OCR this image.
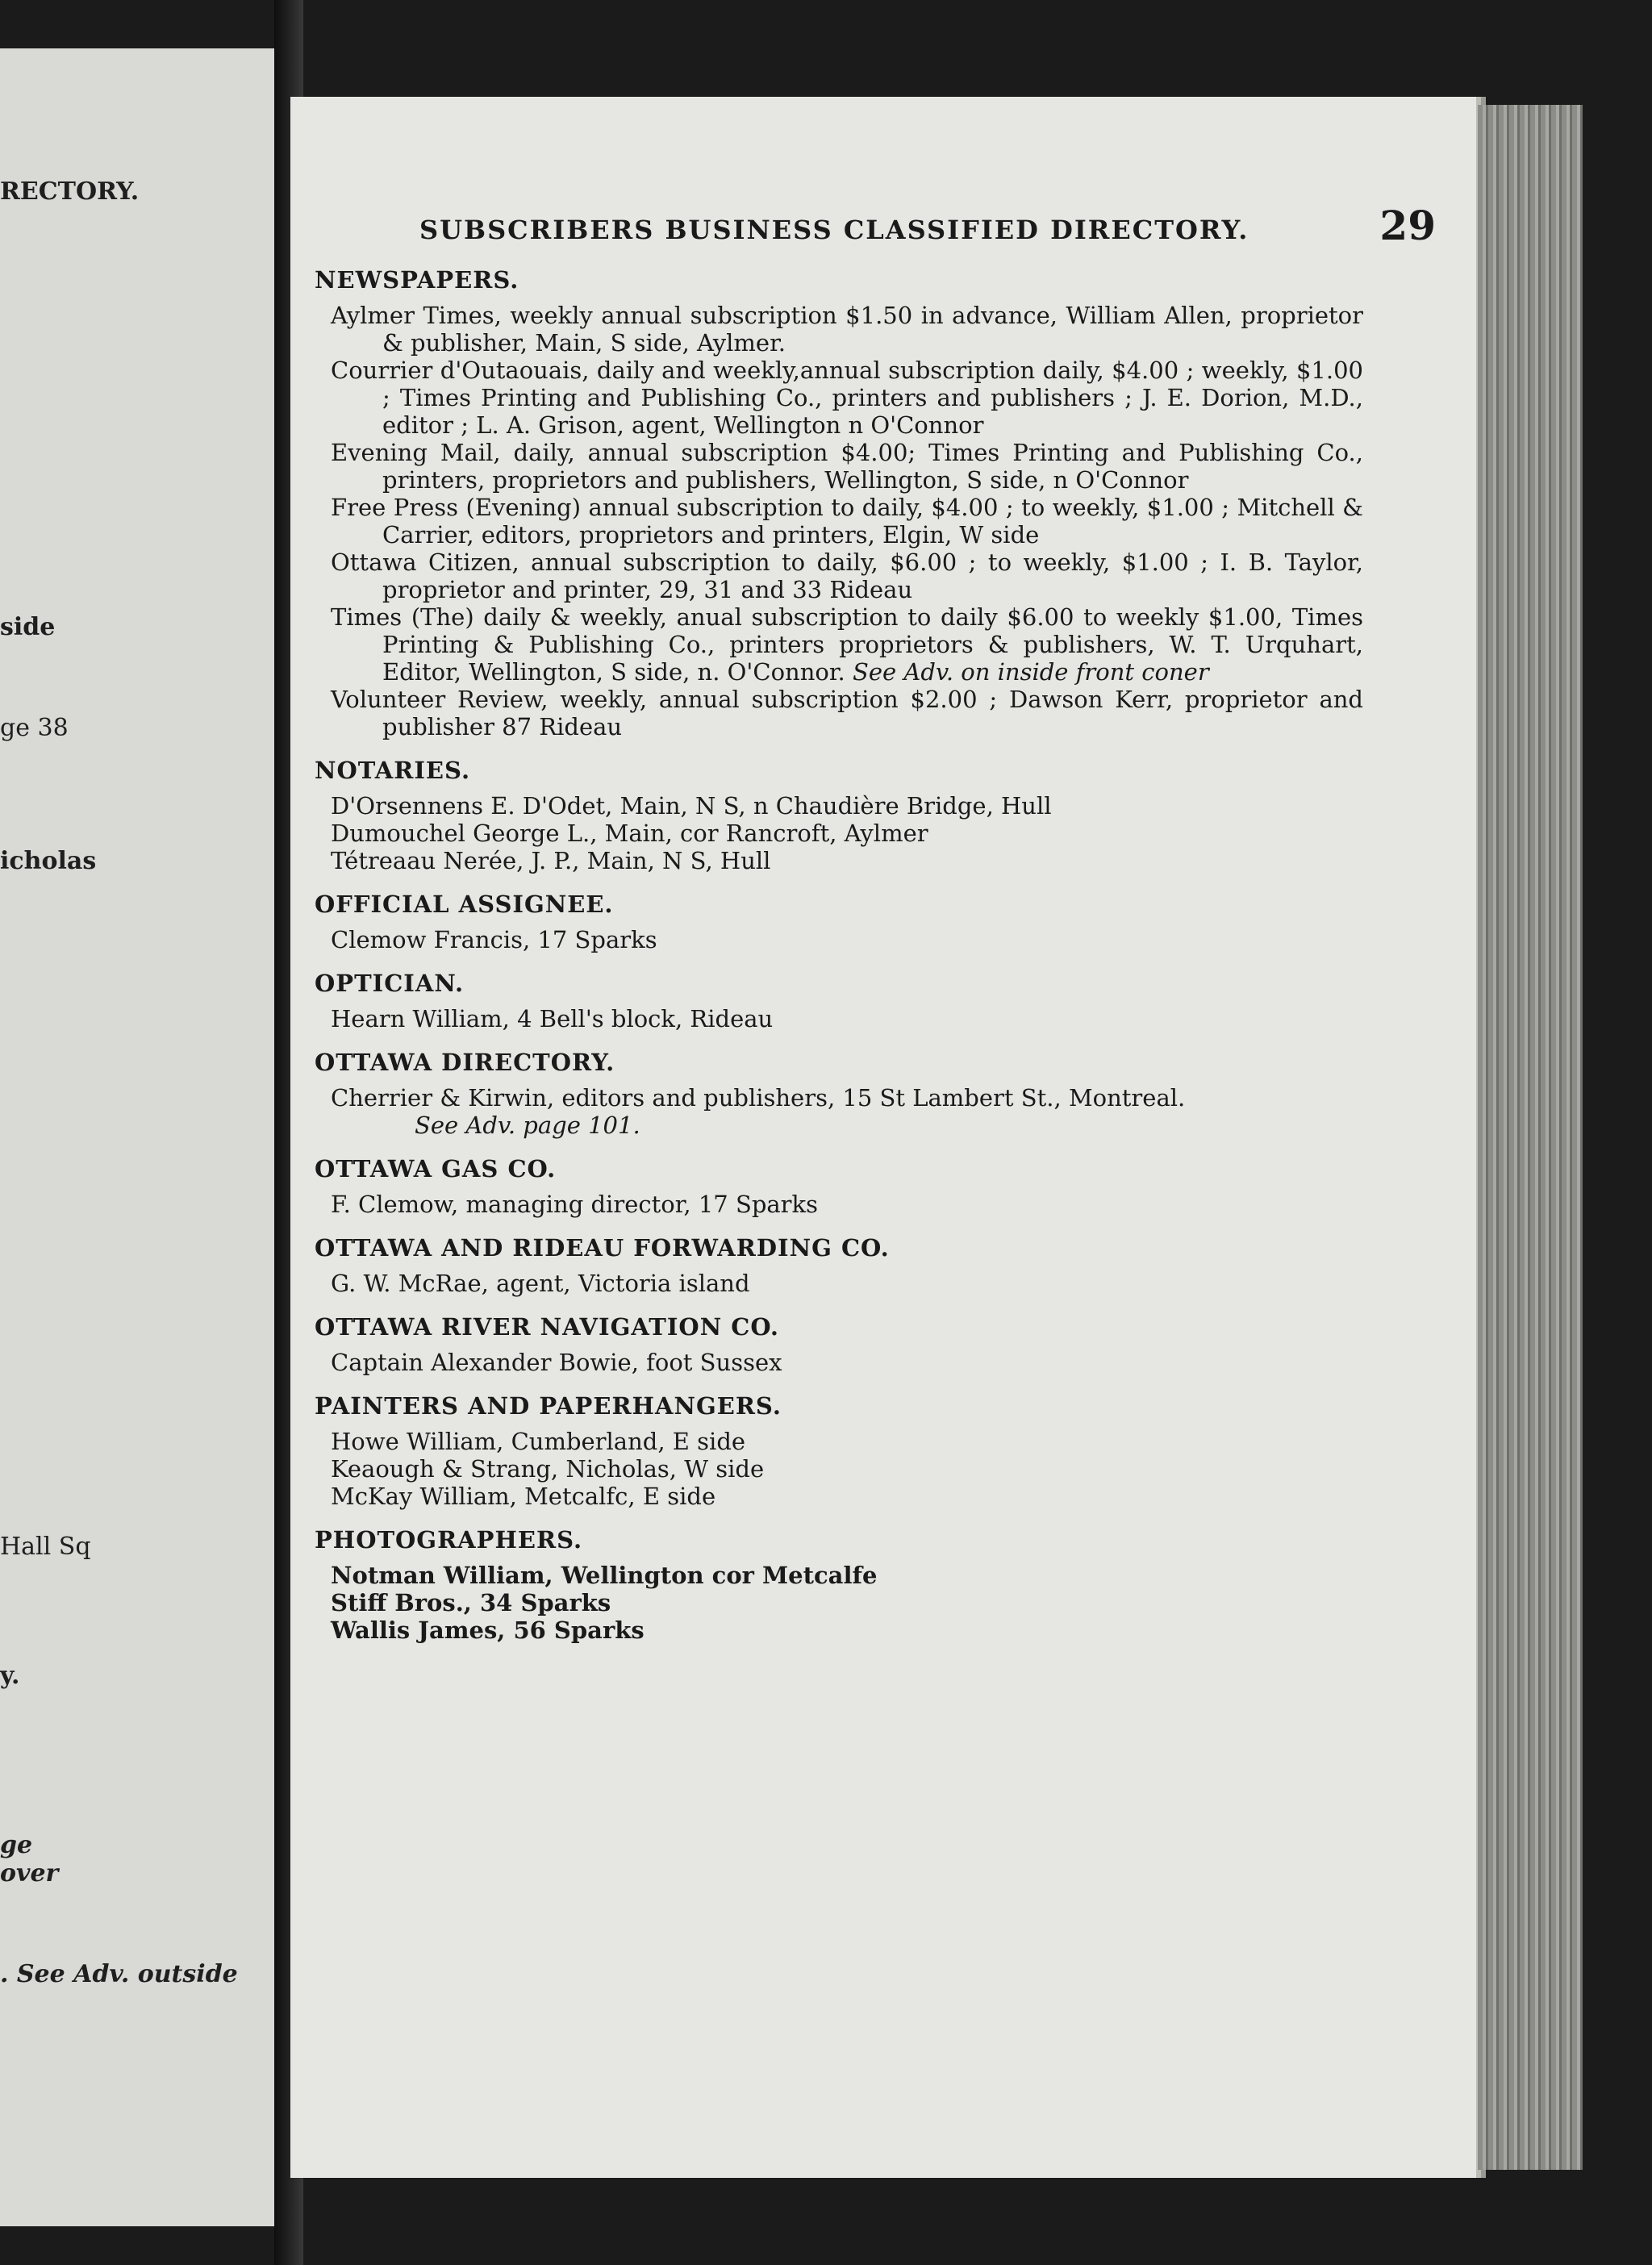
RECTORY.
side
ge 38
icholas
Hall Sq
y.
ge
over
. See Adv. outside
SUBSCRIBERS BUSINESS CLASSIFIED DIRECTORY.	29
NEWSPAPERS.

Aylmer Times, weekly annual subscription $1.50 in advance, William Allen, proprietor & publisher, Main, S side, Aylmer.

Courrier d'Outaouais, daily and weekly,annual subscription daily, $4.00 ; weekly, $1.00 ; Times Printing and Publishing Co., printers and publishers ; J. E. Dorion, M.D., editor ; L. A. Grison, agent, Wellington n O'Connor

Evening Mail, daily, annual subscription $4.00; Times Printing and Publishing Co., printers, proprietors and publishers, Wellington, S side, n O'Connor

Free Press (Evening) annual subscription to daily, $4.00 ; to weekly, $1.00 ; Mitchell & Carrier, editors, proprietors and printers, Elgin, W side

Ottawa Citizen, annual subscription to daily, $6.00 ; to weekly, $1.00 ; I. B. Taylor, proprietor and printer, 29, 31 and 33 Rideau

Times (The) daily & weekly, anual subscription to daily $6.00 to weekly $1.00, Times Printing & Publishing Co., printers proprietors & publishers, W. T. Urquhart, Editor, Wellington, S side, n. O'Connor. See Adv. on inside front coner

Volunteer Review, weekly, annual subscription $2.00 ; Dawson Kerr, proprietor and publisher 87 Rideau

NOTARIES.

D'Orsennens E. D'Odet, Main, N S, n Chaudière Bridge, Hull

Dumouchel George L., Main, cor Rancroft, Aylmer

Tétreaau Nerée, J. P., Main, N S, Hull

OFFICIAL ASSIGNEE.

Clemow Francis, 17 Sparks

OPTICIAN.

Hearn William, 4 Bell's block, Rideau

OTTAWA DIRECTORY.

Cherrier & Kirwin, editors and publishers, 15 St Lambert St., Montreal.
See Adv. page 101.

OTTAWA GAS CO.

F. Clemow, managing director, 17 Sparks

OTTAWA AND RIDEAU FORWARDING CO.

G. W. McRae, agent, Victoria island

OTTAWA RIVER NAVIGATION CO.

Captain Alexander Bowie, foot Sussex

PAINTERS AND PAPERHANGERS.

Howe William, Cumberland, E side

Keaough & Strang, Nicholas, W side

McKay William, Metcalfc, E side

PHOTOGRAPHERS.

Notman William, Wellington cor Metcalfe

Stiff Bros., 34 Sparks

Wallis James, 56 Sparks
